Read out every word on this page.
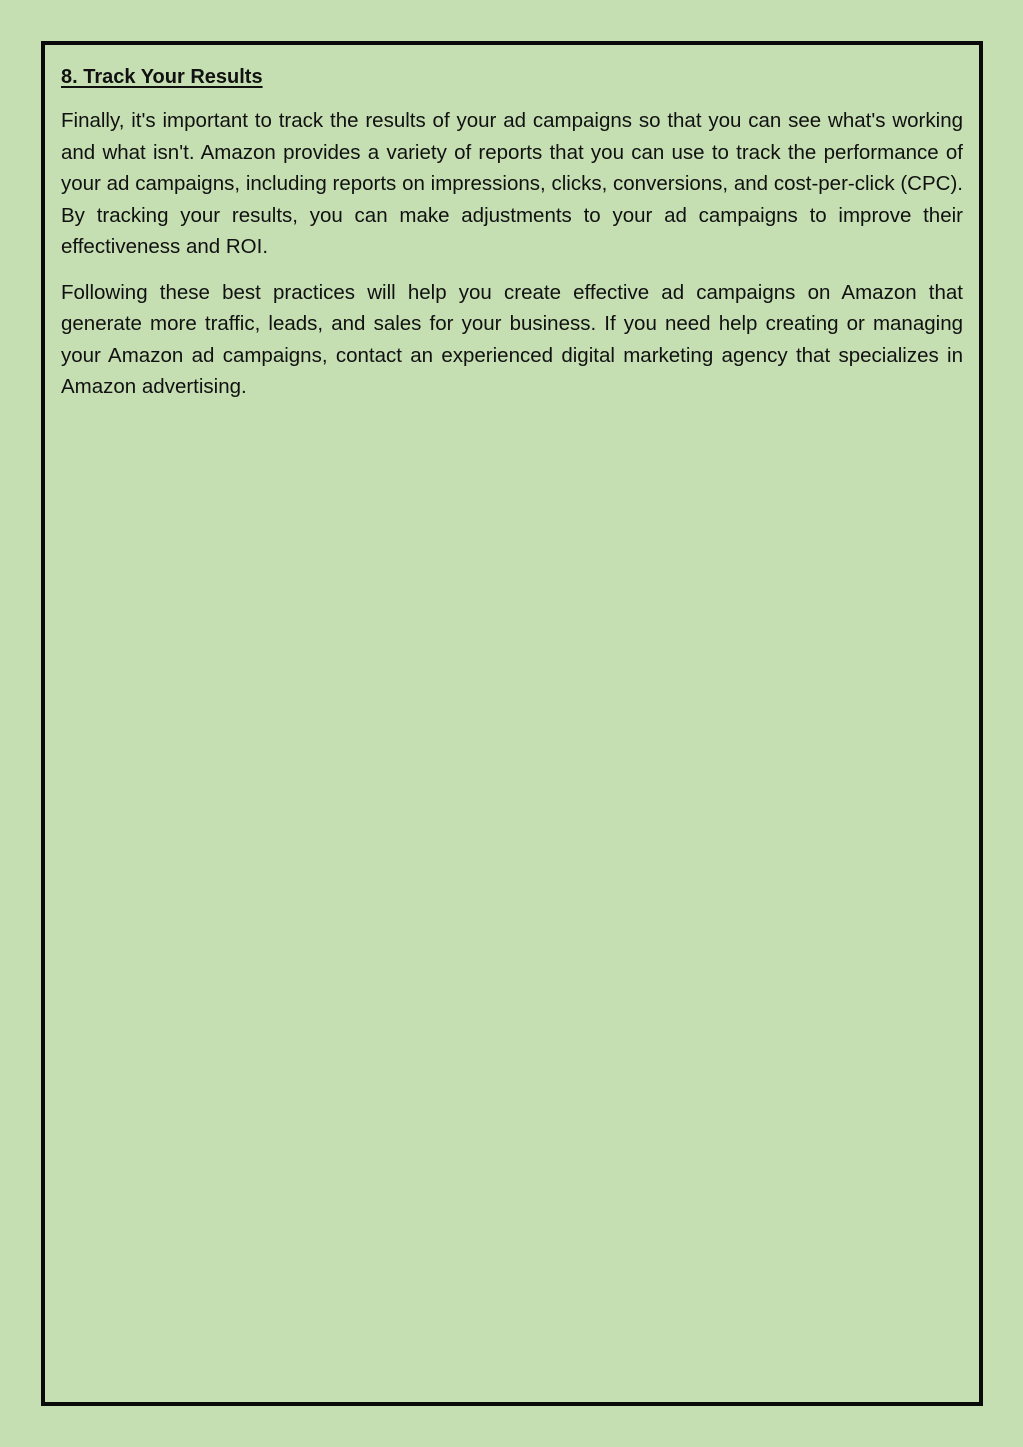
8. Track Your Results

Finally, it's important to track the results of your ad campaigns so that you can see what's working and what isn't. Amazon provides a variety of reports that you can use to track the performance of your ad campaigns, including reports on impressions, clicks, conversions, and cost-per-click (CPC). By tracking your results, you can make adjustments to your ad campaigns to improve their effectiveness and ROI.

Following these best practices will help you create effective ad campaigns on Amazon that generate more traffic, leads, and sales for your business. If you need help creating or managing your Amazon ad campaigns, contact an experienced digital marketing agency that specializes in Amazon advertising.
